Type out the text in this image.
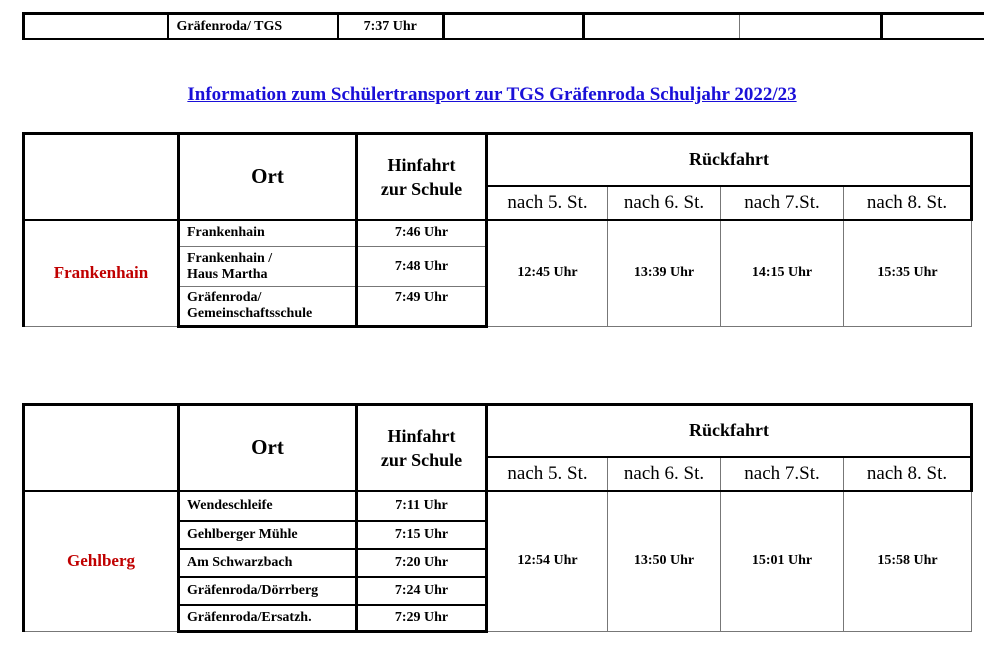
	Gräfenroda/ TGS	7:37 Uhr				
Information zum Schülertransport zur TGS Gräfenroda Schuljahr 2022/23
	Ort	Hinfahrt
zur Schule	Rückfahrt			
			nach 5. St.	nach 6. St.	nach 7.St.	nach 8. St.
Frankenhain	Frankenhain	7:46 Uhr	12:45 Uhr	13:39 Uhr	14:15 Uhr	15:35 Uhr

	Frankenhain /
Haus Martha	7:48 Uhr				

	Gräfenroda/
Gemeinschaftsschule	7:49 Uhr				
	Ort	Hinfahrt
zur Schule	Rückfahrt			
			nach 5. St.	nach 6. St.	nach 7.St.	nach 8. St.
Gehlberg	Wendeschleife	7:11 Uhr	12:54 Uhr	13:50 Uhr	15:01 Uhr	15:58 Uhr
	Gehlberger Mühle	7:15 Uhr				
	Am Schwarzbach	7:20 Uhr				
	Gräfenroda/Dörrberg	7:24 Uhr				
	Gräfenroda/Ersatzh.	7:29 Uhr				
